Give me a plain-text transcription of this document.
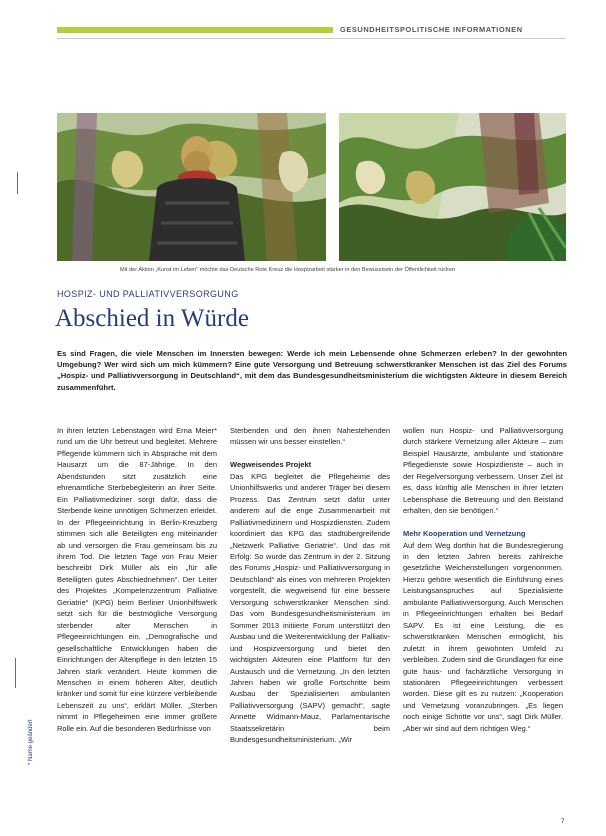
GESUNDHEITSPOLITISCHE INFORMATIONEN
Mit der Aktion „Kunst im Leben“ möchte das Deutsche Rote Kreuz die Hospizarbeit stärker in den Bewusstsein der Öffentlichkeit rücken
HOSPIZ- UND PALLIATIVVERSORGUNG
Abschied in Würde
Es sind Fragen, die viele Menschen im Innersten bewegen: Werde ich mein Lebensende ohne Schmerzen erleben? In der gewohnten Umgebung? Wer wird sich um mich kümmern? Eine gute Versorgung und Betreuung schwerstkranker Menschen ist das Ziel des Forums „Hospiz- und Palliativversorgung in Deutschland“, mit dem das Bundesgesundheitsministerium die wichtigsten Akteure in diesem Bereich zusammenführt.

In ihren letzten Lebenstagen wird Erna Meier* rund um die Uhr betreut und begleitet. Mehrere Pflegende kümmern sich in Absprache mit dem Hausarzt um die 87-Jährige. In den Abendstunden sitzt zusätzlich eine ehrenamtliche Sterbebegleiterin an ihrer Seite. Ein Palliativmediziner sorgt dafür, dass die Sterbende keine unnötigen Schmerzen erleidet. In der Pflegeeinrichtung in Berlin-Kreuzberg stimmen sich alle Beteiligten eng miteinander ab und versorgen die Frau gemeinsam bis zu ihrem Tod. Die letzten Tage von Frau Meier beschreibt Dirk Müller als ein „für alle Beteiligten gutes Abschiednehmen“. Der Leiter des Projektes „Kompetenzzentrum Palliative Geriatrie“ (KPG) beim Berliner Unionhilfswerk setzt sich für die bestmögliche Versorgung sterbender alter Menschen in Pflegeeinrichtungen ein. „Demografische und gesellschaftliche Entwicklungen haben die Einrichtungen der Altenpflege in den letzten 15 Jahren stark verändert. Heute kommen die Menschen in einem höheren Alter, deutlich kränker und somit für eine kürzere verbleibende Lebenszeit zu uns“, erklärt Müller. „Sterben nimmt in Pflegeheimen eine immer größere Rolle ein. Auf die besonderen Bedürfnisse von

Sterbenden und den ihnen Nahestehenden müssen wir uns besser einstellen.“

Wegweisendes Projekt

Das KPG begleitet die Pflegeheime des Unionhilfswerks und anderer Träger bei diesem Prozess. Das Zentrum setzt dafür unter anderem auf die enge Zusammenarbeit mit Palliativmedizinern und Hospizdiensten. Zudem koordiniert das KPG das stadtübergreifende „Netzwerk Palliative Geriatrie“. Und das mit Erfolg: So wurde das Zentrum in der 2. Sitzung des Forums „Hospiz- und Palliativversorgung in Deutschland“ als eines von mehreren Projekten vorgestellt, die wegweisend für eine bessere Versorgung schwerstkranker Menschen sind. Das vom Bundesgesundheitsministerium im Sommer 2013 initiierte Forum unterstützt den Ausbau und die Weiterentwicklung der Palliativ- und Hospizversorgung und bietet den wichtigsten Akteuren eine Plattform für den Austausch und die Vernetzung. „In den letzten Jahren haben wir große Fortschritte beim Ausbau der Spezialisierten ambulanten Palliativversorgung (SAPV) gemacht“, sagte Annette Widmann-Mauz, Parlamentarische Staatssekretärin beim Bundesgesundheitsministerium. „Wir

wollen nun Hospiz- und Palliativversorgung durch stärkere Vernetzung aller Akteure – zum Beispiel Hausärzte, ambulante und stationäre Pflegedienste sowie Hospizdienste – auch in der Regelversorgung verbessern. Unser Ziel ist es, dass künftig alle Menschen in ihrer letzten Lebensphase die Betreuung und den Beistand erhalten, den sie benötigen.“

Mehr Kooperation und Vernetzung

Auf dem Weg dorthin hat die Bundesregierung in den letzten Jahren bereits zahlreiche gesetzliche Weichenstellungen vorgenommen. Hierzu gehöre wesentlich die Einführung eines Leistungsanspruches auf Spezialisierte ambulante Palliativversorgung. Auch Menschen in Pflegeeinrichtungen erhalten bei Bedarf SAPV. Es ist eine Leistung, die es schwerstkranken Menschen ermöglicht, bis zuletzt in ihrem gewohnten Umfeld zu verbleiben. Zudem sind die Grundlagen für eine gute haus- und fachärztliche Versorgung in stationären Pflegeeinrichtungen verbessert worden. Diese gilt es zu nutzen: „Kooperation und Vernetzung voranzubringen. „Es liegen noch einige Schritte vor uns“, sagt Dirk Müller. „Aber wir sind auf dem richtigen Weg.“

* Name geändert
7
